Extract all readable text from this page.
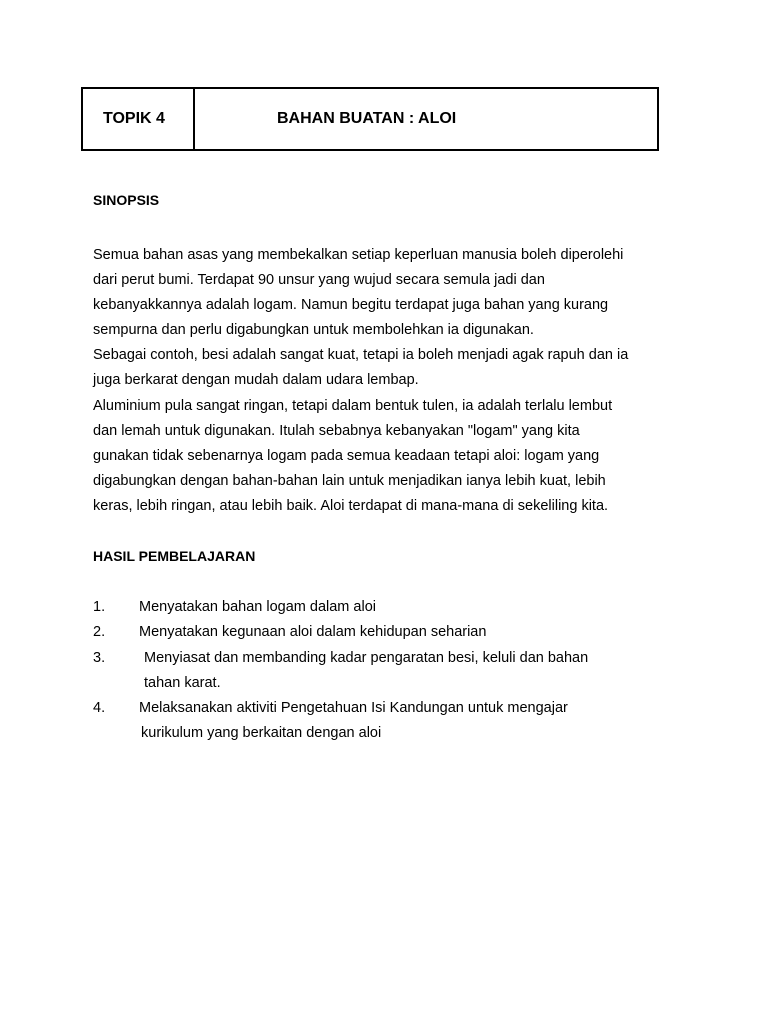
TOPIK 4	BAHAN BUATAN : ALOI
SINOPSIS
Semua bahan asas yang membekalkan setiap keperluan manusia boleh diperolehi
dari perut bumi. Terdapat 90 unsur yang wujud secara semula jadi dan
kebanyakkannya adalah logam. Namun begitu terdapat juga bahan yang kurang
sempurna dan perlu digabungkan untuk membolehkan ia digunakan.
Sebagai contoh, besi adalah sangat kuat, tetapi ia boleh menjadi agak rapuh dan ia
juga berkarat dengan mudah dalam udara lembap.
Aluminium pula sangat ringan, tetapi dalam bentuk tulen, ia adalah terlalu lembut
dan lemah untuk digunakan. Itulah sebabnya kebanyakan "logam" yang kita
gunakan tidak sebenarnya logam pada semua keadaan tetapi aloi: logam yang
digabungkan dengan bahan-bahan lain untuk menjadikan ianya lebih kuat, lebih
keras, lebih ringan, atau lebih baik. Aloi terdapat di mana-mana di sekeliling kita.
HASIL PEMBELAJARAN
1. Menyatakan bahan logam dalam aloi
2. Menyatakan kegunaan aloi dalam kehidupan seharian
3. Menyiasat dan membanding kadar pengaratan besi, keluli dan bahan
tahan karat.
4. Melaksanakan aktiviti Pengetahuan Isi Kandungan untuk mengajar
kurikulum yang berkaitan dengan aloi
